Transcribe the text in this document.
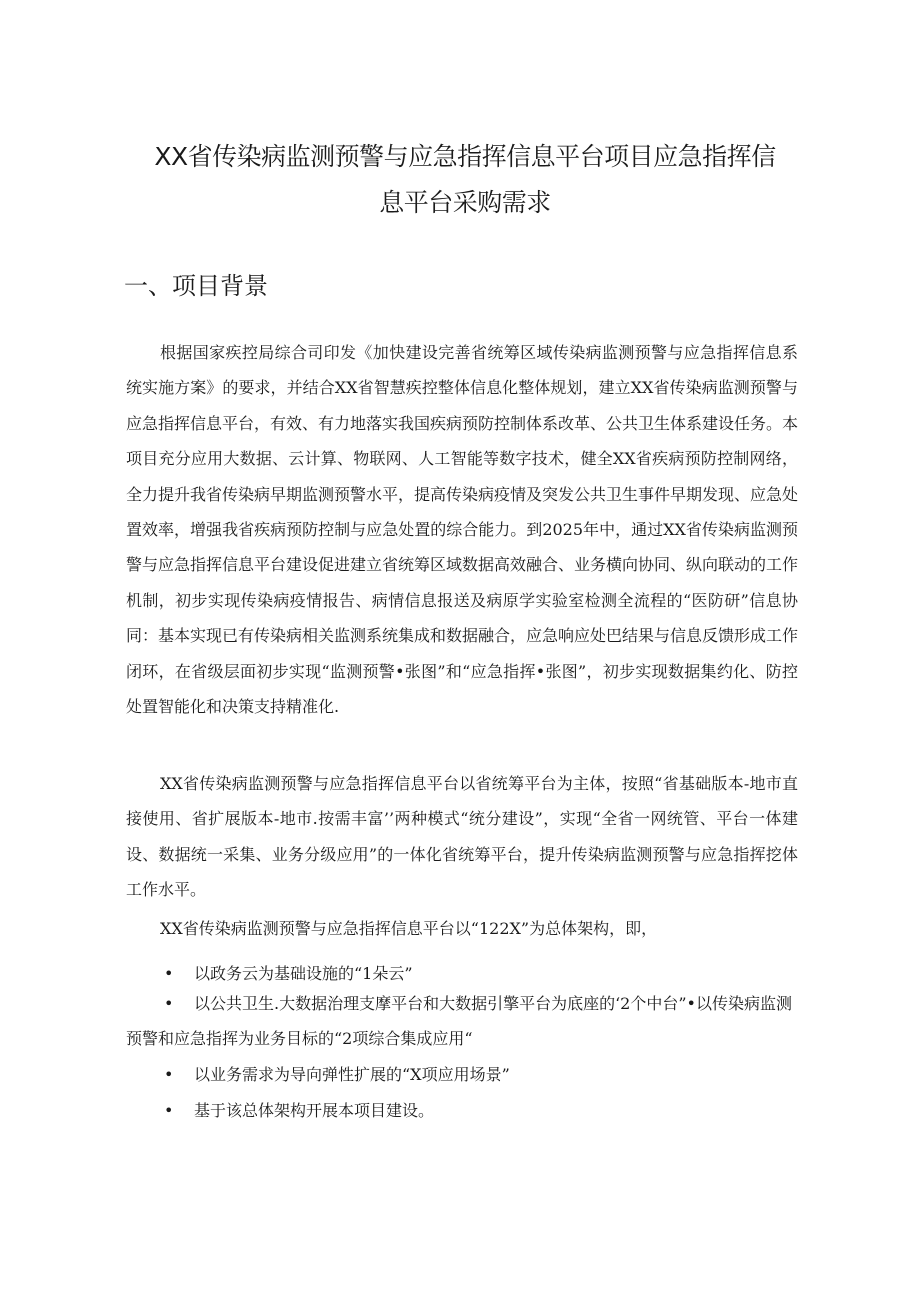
XX省传染病监测预警与应急指挥信息平台项目应急指挥信
息平台采购需求
一、项目背景

根据国家疾控局综合司印发《加快建设完善省统筹区域传染病监测预警与应急指挥信息系统实施方案》的要求，并结合XX省智慧疾控整体信息化整体规划，建立XX省传染病监测预警与应急指挥信息平台，有效、有力地落实我国疾病预防控制体系改革、公共卫生体系建设任务。本项目充分应用大数据、云计算、物联网、人工智能等数字技术，健全XX省疾病预防控制网络，全力提升我省传染病早期监测预警水平，提高传染病疫情及突发公共卫生事件早期发现、应急处置效率，增强我省疾病预防控制与应急处置的综合能力。到2025年中，通过XX省传染病监测预警与应急指挥信息平台建设促进建立省统筹区域数据高效融合、业务横向协同、纵向联动的工作机制，初步实现传染病疫情报告、病情信息报送及病原学实验室检测全流程的“医防研”信息协同：基本实现已有传染病相关监测系统集成和数据融合，应急响应处巴结果与信息反馈形成工作闭环，在省级层面初步实现“监测预警•张图”和“应急指挥•张图”，初步实现数据集约化、防控处置智能化和决策支持精准化.

XX省传染病监测预警与应急指挥信息平台以省统筹平台为主体，按照“省基础版本-地市直接使用、省扩展版本-地市.按需丰富’’两种模式“统分建设”，实现“全省一网统管、平台一体建设、数据统一采集、业务分级应用”的一体化省统筹平台，提升传染病监测预警与应急指挥挖体工作水平。

XX省传染病监测预警与应急指挥信息平台以“122X”为总体架构，即，

•	以政务云为基础设施的“1朵云”
•	以公共卫生.大数据治理支摩平台和大数据引擎平台为底座的‘2个中台”•以传染病监测预警和应急指挥为业务目标的“2项综合集成应用“
•	以业务需求为导向弹性扩展的“X项应用场景”
•	基于该总体架构开展本项目建设。
